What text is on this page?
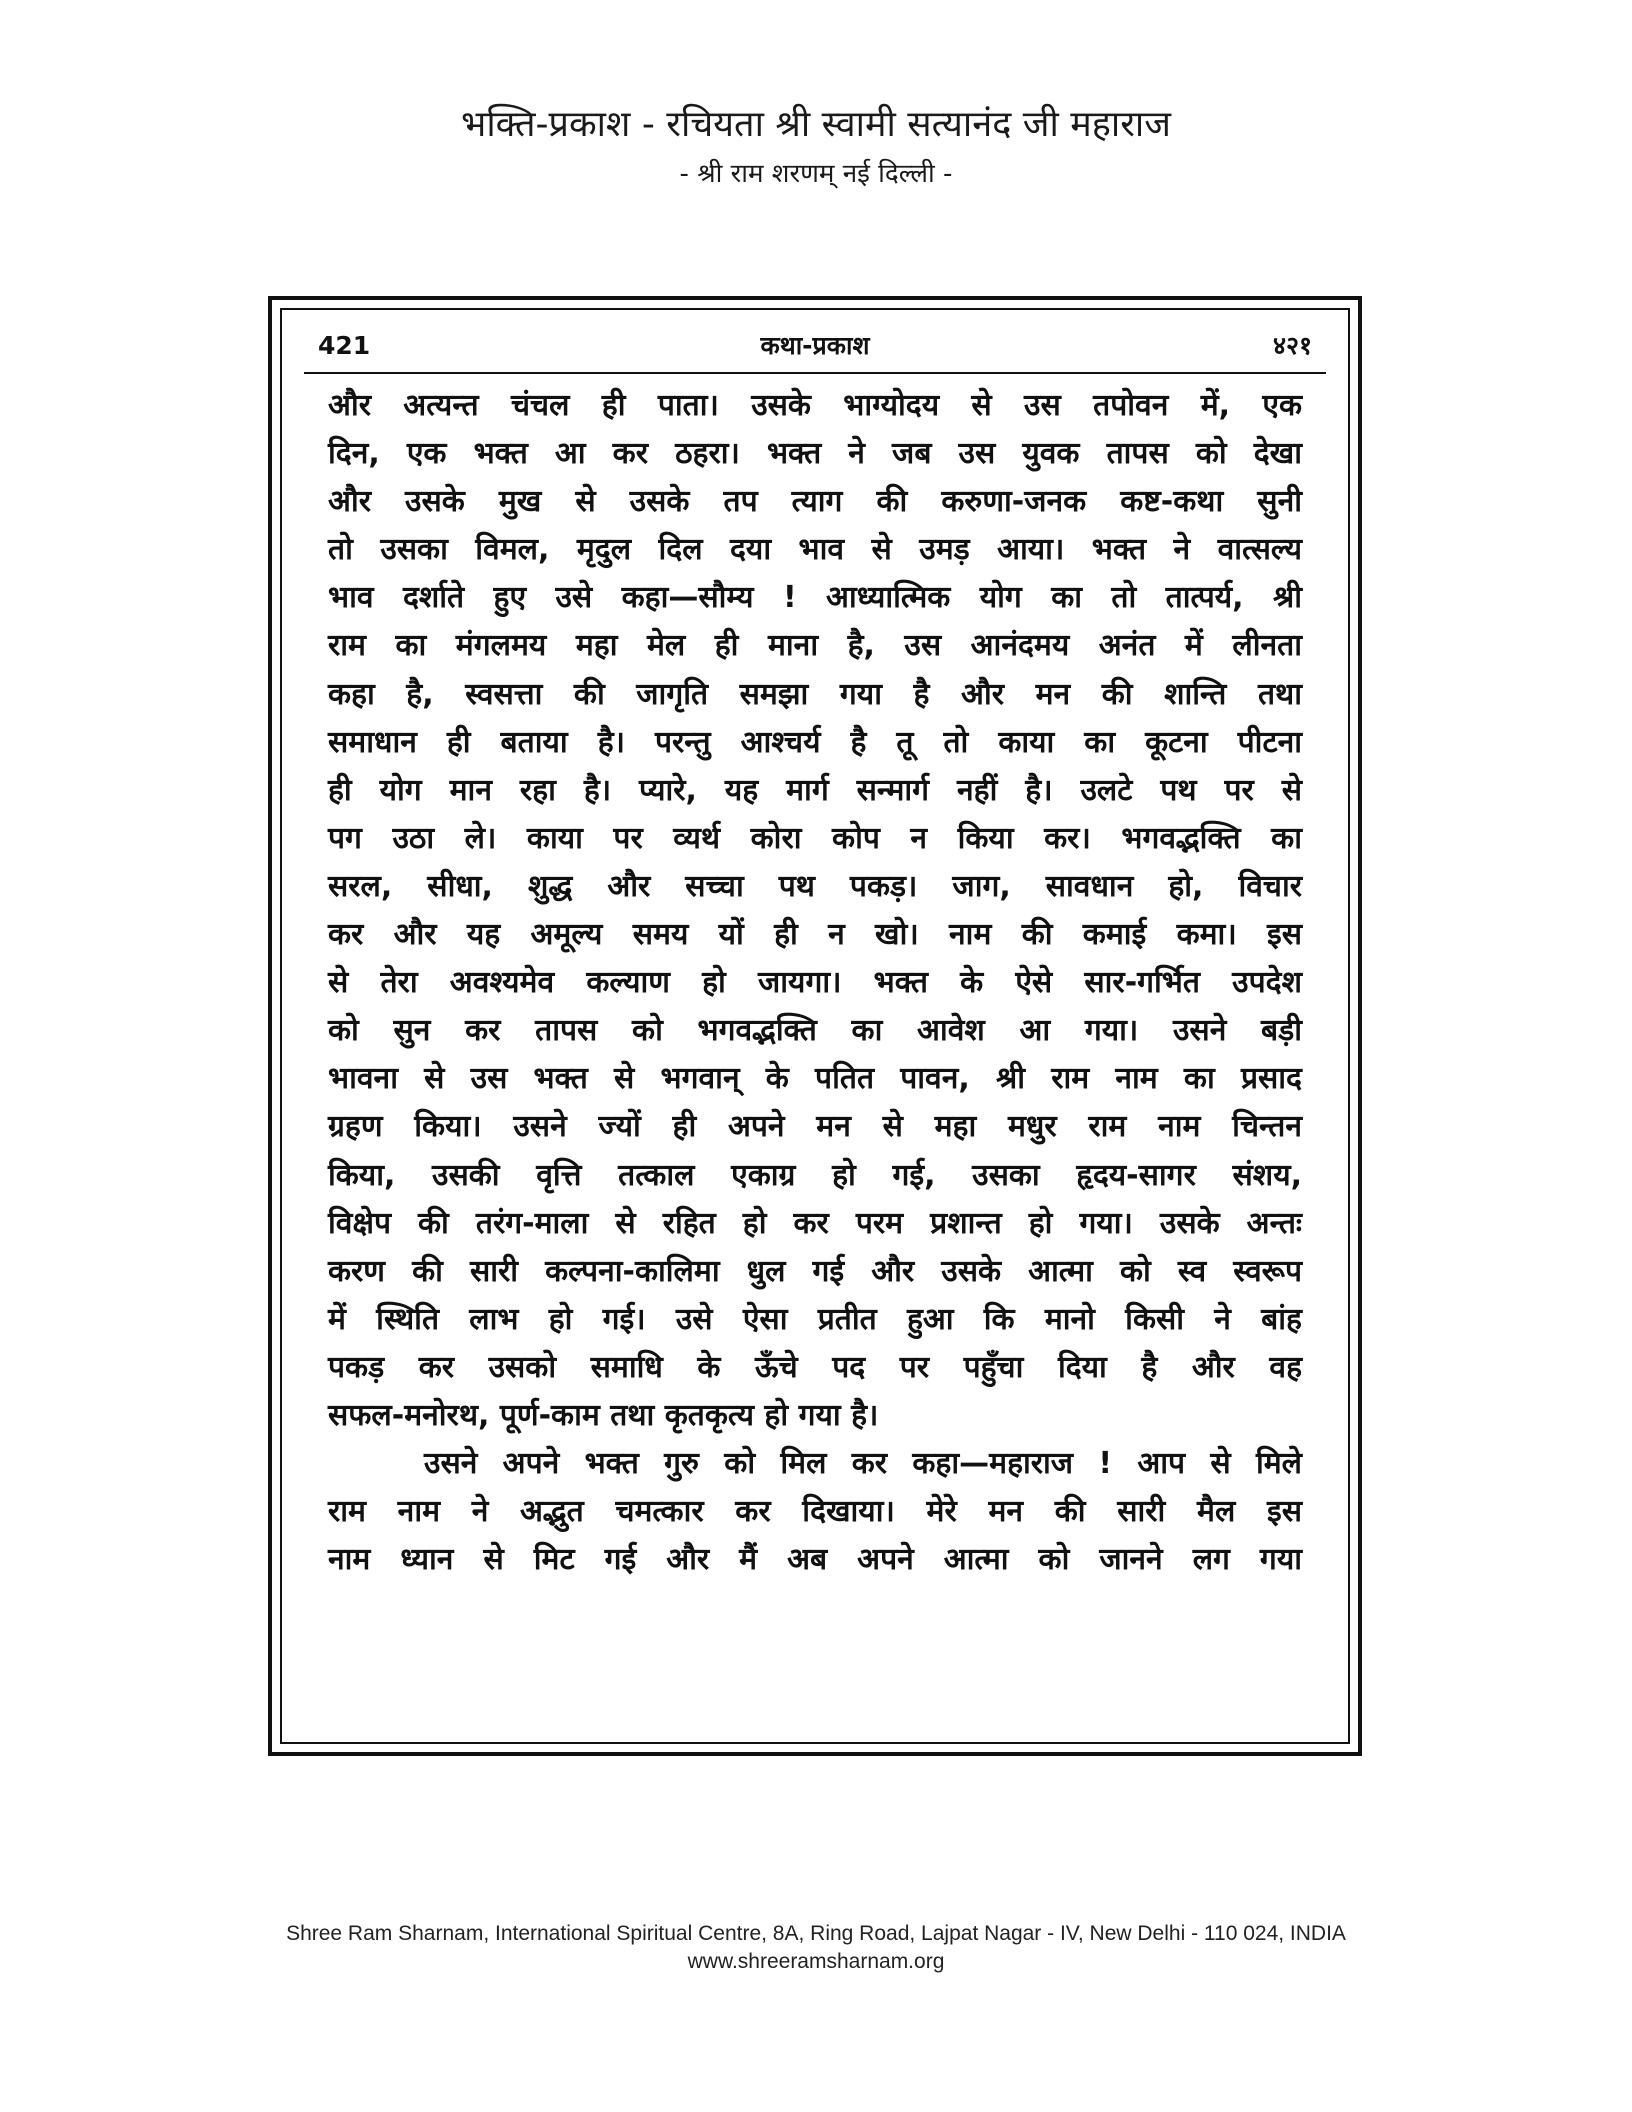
भक्ति-प्रकाश - रचियता श्री स्वामी सत्यानंद जी महाराज
- श्री राम शरणम् नई दिल्ली -
421	कथा-प्रकाश	४२१
और अत्यन्त चंचल ही पाता। उसके भाग्योदय से उस तपोवन में, एक
दिन, एक भक्त आ कर ठहरा। भक्त ने जब उस युवक तापस को देखा
और उसके मुख से उसके तप त्याग की करुणा-जनक कष्ट-कथा सुनी
तो उसका विमल, मृदुल दिल दया भाव से उमड़ आया। भक्त ने वात्सल्य
भाव दर्शाते हुए उसे कहा—सौम्य ! आध्यात्मिक योग का तो तात्पर्य, श्री
राम का मंगलमय महा मेल ही माना है, उस आनंदमय अनंत में लीनता
कहा है, स्वसत्ता की जागृति समझा गया है और मन की शान्ति तथा
समाधान ही बताया है। परन्तु आश्चर्य है तू तो काया का कूटना पीटना
ही योग मान रहा है। प्यारे, यह मार्ग सन्मार्ग नहीं है। उलटे पथ पर से
पग उठा ले। काया पर व्यर्थ कोरा कोप न किया कर। भगवद्भक्ति का
सरल, सीधा, शुद्ध और सच्चा पथ पकड़। जाग, सावधान हो, विचार
कर और यह अमूल्य समय यों ही न खो। नाम की कमाई कमा। इस
से तेरा अवश्यमेव कल्याण हो जायगा। भक्त के ऐसे सार-गर्भित उपदेश
को सुन कर तापस को भगवद्भक्ति का आवेश आ गया। उसने बड़ी
भावना से उस भक्त से भगवान् के पतित पावन, श्री राम नाम का प्रसाद
ग्रहण किया। उसने ज्यों ही अपने मन से महा मधुर राम नाम चिन्तन
किया, उसकी वृत्ति तत्काल एकाग्र हो गई, उसका हृदय-सागर संशय,
विक्षेप की तरंग-माला से रहित हो कर परम प्रशान्त हो गया। उसके अन्तः
करण की सारी कल्पना-कालिमा धुल गई और उसके आत्मा को स्व स्वरूप
में स्थिति लाभ हो गई। उसे ऐसा प्रतीत हुआ कि मानो किसी ने बांह
पकड़ कर उसको समाधि के ऊँचे पद पर पहुँचा दिया है और वह
सफल-मनोरथ, पूर्ण-काम तथा कृतकृत्य हो गया है।
उसने अपने भक्त गुरु को मिल कर कहा—महाराज ! आप से मिले
राम नाम ने अद्भुत चमत्कार कर दिखाया। मेरे मन की सारी मैल इस
नाम ध्यान से मिट गई और मैं अब अपने आत्मा को जानने लग गया
Shree Ram Sharnam, International Spiritual Centre, 8A, Ring Road, Lajpat Nagar - IV, New Delhi - 110 024, INDIA
www.shreeramsharnam.org
